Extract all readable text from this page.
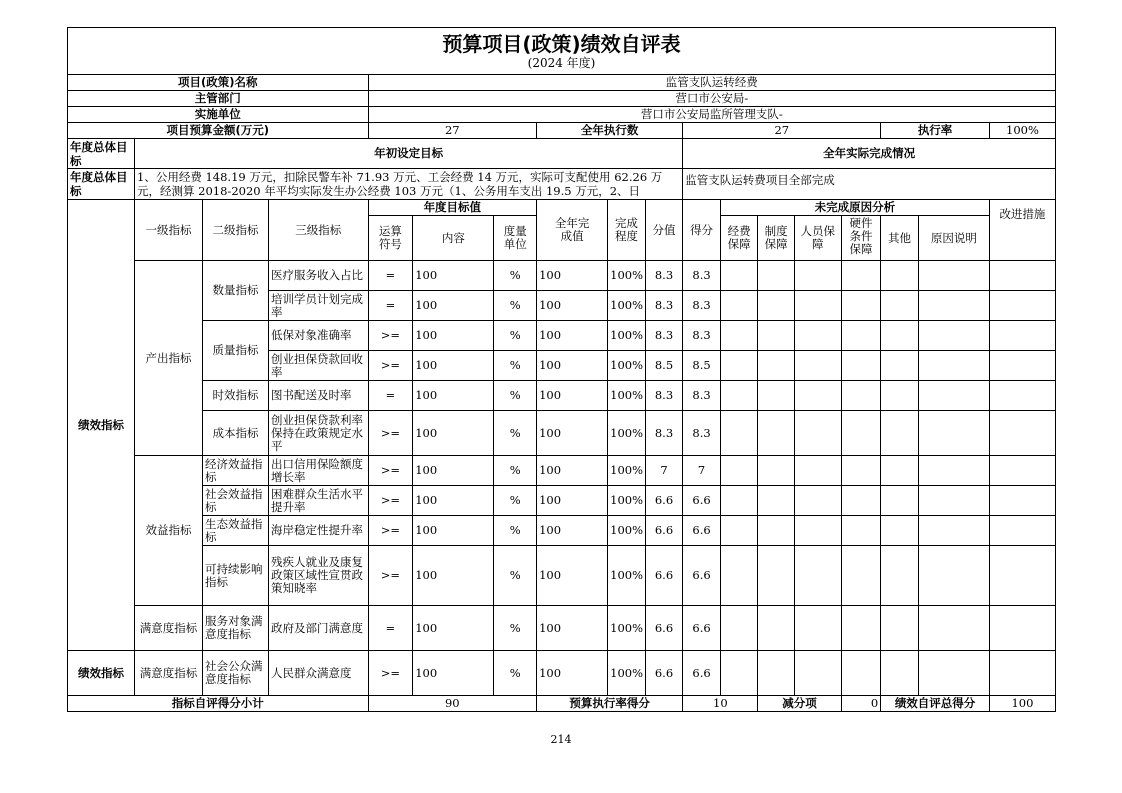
预算项目(政策)绩效自评表
(2024 年度)																	

项目(政策)名称				监管支队运转经费													
主管部门				营口市公安局-													
实施单位				营口市公安局监所管理支队-													
项目预算金额(万元)				27			全年执行数			27					执行率		100%

年度总体目标	年初设定目标									全年实际完成情况							

年度总体目标	1、公用经费 148.19 万元，扣除民警车补 71.93 万元、工会经费 14 万元，实际可支配使用 62.26 万元，经测算 2018-2020 年平均实际发生办公经费 103 万元（1、公务用车支出 19.5 万元，2、日									监管支队运转费项目全部完成							
绩效指标	一级指标	二级指标	三级指标	年度目标值			全年完成值	完成程度	分值	得分	未完成原因分析						改进措施

				运算符号	内容	度量单位					经费保障	制度保障	人员保障	硬件条件保障	其他	原因说明	
	产出指标	数量指标	医疗服务收入占比	=	100	%	100	100%	8.3	8.3							

			培训学员计划完成率	=	100	%	100	100%	8.3	8.3							
		质量指标	低保对象准确率	>=	100	%	100	100%	8.3	8.3							

			创业担保贷款回收率	>=	100	%	100	100%	8.5	8.5							
		时效指标	图书配送及时率	=	100	%	100	100%	8.3	8.3							
		成本指标	创业担保贷款利率保持在政策规定水平	>=	100	%	100	100%	8.3	8.3							
	效益指标	经济效益指标	出口信用保险额度增长率	>=	100	%	100	100%	7	7							

		社会效益指标	困难群众生活水平提升率	>=	100	%	100	100%	6.6	6.6							

		生态效益指标	海岸稳定性提升率	>=	100	%	100	100%	6.6	6.6							

		可持续影响指标	残疾人就业及康复政策区域性宣贯政策知晓率	>=	100	%	100	100%	6.6	6.6							
	满意度指标	服务对象满意度指标	政府及部门满意度	=	100	%	100	100%	6.6	6.6							
绩效指标	满意度指标	社会公众满意度指标	人民群众满意度	>=	100	%	100	100%	6.6	6.6							
指标自评得分小计				90			预算执行率得分			10		减分项		0	绩效自评总得分		100
214
